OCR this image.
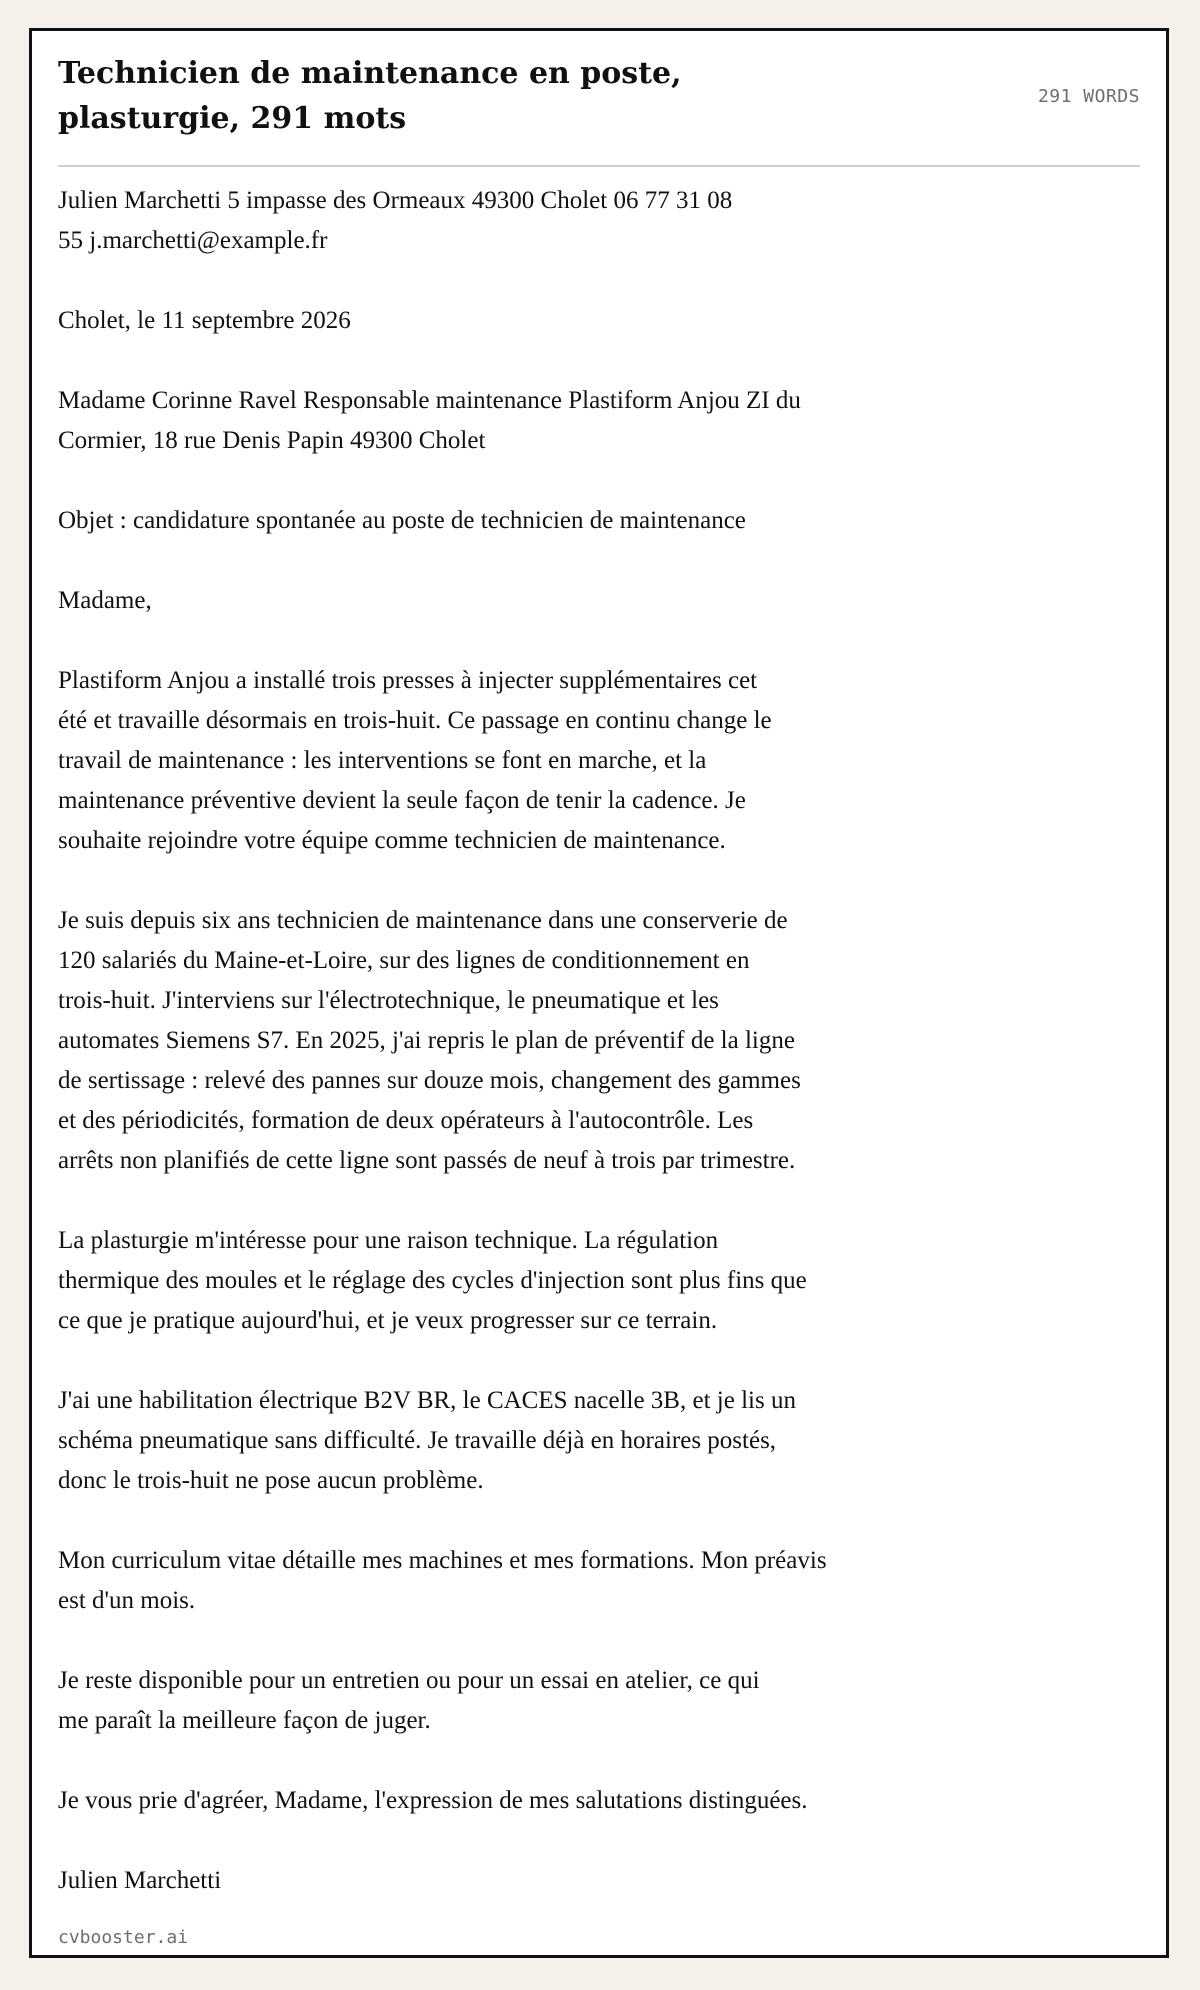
Technicien de maintenance en poste, plasturgie, 291 mots
291 WORDS

Julien Marchetti 5 impasse des Ormeaux 49300 Cholet 06 77 31 08 55 j.marchetti@example.fr

Cholet, le 11 septembre 2026

Madame Corinne Ravel Responsable maintenance Plastiform Anjou ZI du Cormier, 18 rue Denis Papin 49300 Cholet

Objet : candidature spontanée au poste de technicien de maintenance

Madame,

Plastiform Anjou a installé trois presses à injecter supplémentaires cet été et travaille désormais en trois-huit. Ce passage en continu change le travail de maintenance : les interventions se font en marche, et la maintenance préventive devient la seule façon de tenir la cadence. Je souhaite rejoindre votre équipe comme technicien de maintenance.

Je suis depuis six ans technicien de maintenance dans une conserverie de 120 salariés du Maine-et-Loire, sur des lignes de conditionnement en trois-huit. J'interviens sur l'électrotechnique, le pneumatique et les automates Siemens S7. En 2025, j'ai repris le plan de préventif de la ligne de sertissage : relevé des pannes sur douze mois, changement des gammes et des périodicités, formation de deux opérateurs à l'autocontrôle. Les arrêts non planifiés de cette ligne sont passés de neuf à trois par trimestre.

La plasturgie m'intéresse pour une raison technique. La régulation thermique des moules et le réglage des cycles d'injection sont plus fins que ce que je pratique aujourd'hui, et je veux progresser sur ce terrain.

J'ai une habilitation électrique B2V BR, le CACES nacelle 3B, et je lis un schéma pneumatique sans difficulté. Je travaille déjà en horaires postés, donc le trois-huit ne pose aucun problème.

Mon curriculum vitae détaille mes machines et mes formations. Mon préavis est d'un mois.

Je reste disponible pour un entretien ou pour un essai en atelier, ce qui me paraît la meilleure façon de juger.

Je vous prie d'agréer, Madame, l'expression de mes salutations distinguées.

Julien Marchetti

cvbooster.ai
